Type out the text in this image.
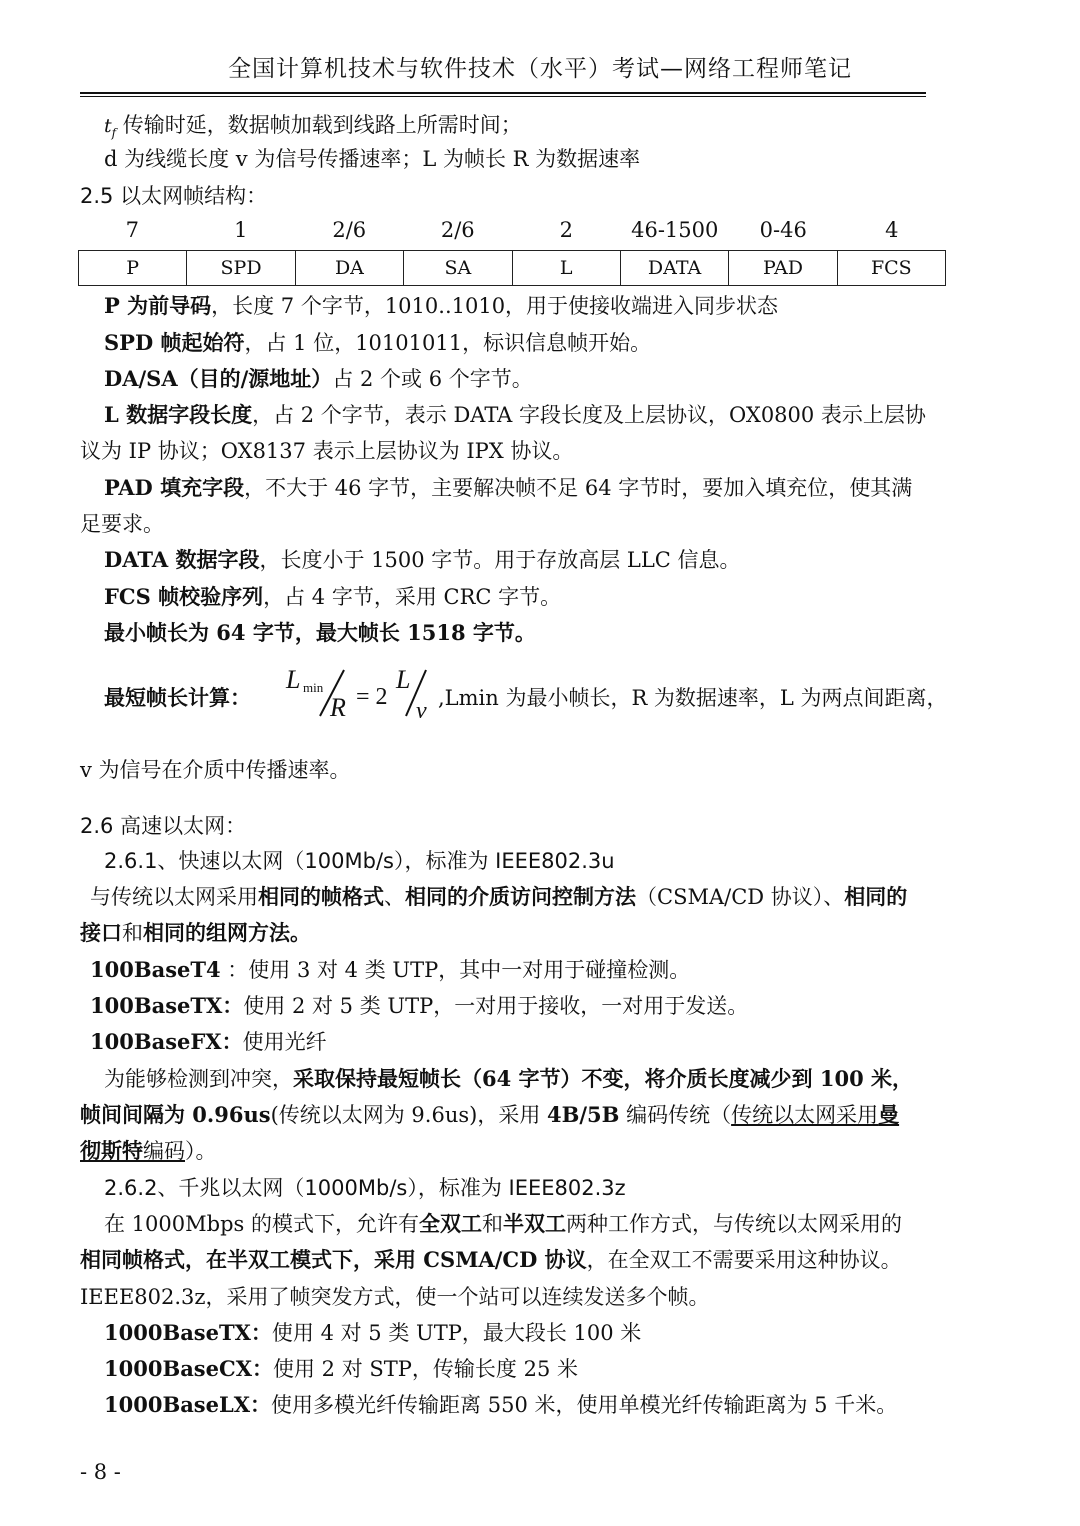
全国计算机技术与软件技术（水平）考试—网络工程师笔记
$t_f$ 传输时延，数据帧加载到线路上所需时间；
d 为线缆长度 v 为信号传播速率；L 为帧长 R 为数据速率
2.5 以太网帧结构：
7	1	2/6	2/6	2	46-1500	0-46	4
P	SPD	DA	SA	L	DATA	PAD	FCS
P 为前导码，长度 7 个字节，1010..1010，用于使接收端进入同步状态
SPD 帧起始符，占 1 位，10101011，标识信息帧开始。
DA/SA（目的/源地址）占 2 个或 6 个字节。
L 数据字段长度，占 2 个字节，表示 DATA 字段长度及上层协议，OX0800 表示上层协
议为 IP 协议；OX8137 表示上层协议为 IPX 协议。
PAD 填充字段，不大于 46 字节，主要解决帧不足 64 字节时，要加入填充位，使其满
足要求。
DATA 数据字段，长度小于 1500 字节。用于存放高层 LLC 信息。
FCS 帧校验序列，占 4 字节，采用 CRC 字节。
最小帧长为 64 字节，最大帧长 1518 字节。
最短帧长计算：
L min
R = 2
L
v ,Lmin 为最小帧长，R 为数据速率，L 为两点间距离，
v 为信号在介质中传播速率。
2.6 高速以太网：
2.6.1、快速以太网（100Mb/s），标准为 IEEE802.3u
与传统以太网采用相同的帧格式、相同的介质访问控制方法（CSMA/CD 协议）、相同的
接口和相同的组网方法。
100BaseT4 ：使用 3 对 4 类 UTP，其中一对用于碰撞检测。
100BaseTX：使用 2 对 5 类 UTP，一对用于接收，一对用于发送。
100BaseFX：使用光纤
为能够检测到冲突，采取保持最短帧长（64 字节）不变，将介质长度减少到 100 米，
帧间间隔为 0.96us(传统以太网为 9.6us)，采用 4B/5B 编码传统（传统以太网采用曼
彻斯特编码）。
2.6.2、千兆以太网（1000Mb/s），标准为 IEEE802.3z
在 1000Mbps 的模式下，允许有全双工和半双工两种工作方式，与传统以太网采用的
相同帧格式，在半双工模式下，采用 CSMA/CD 协议，在全双工不需要采用这种协议。
IEEE802.3z，采用了帧突发方式，使一个站可以连续发送多个帧。
1000BaseTX：使用 4 对 5 类 UTP，最大段长 100 米
1000BaseCX：使用 2 对 STP，传输长度 25 米
1000BaseLX：使用多模光纤传输距离 550 米，使用单模光纤传输距离为 5 千米。
- 8 -
